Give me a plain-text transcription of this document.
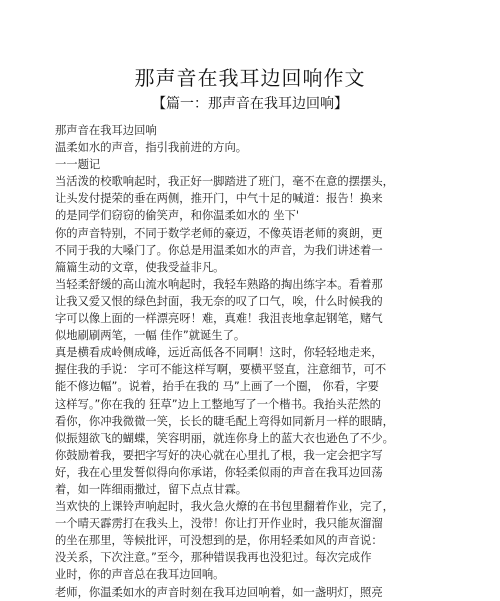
那声音在我耳边回响作文
【篇一：那声音在我耳边回响】
那声音在我耳边回响
温柔如水的声音，指引我前进的方向。
一一题记
当活泼的校歌响起时，我正好一脚踏进了班门，毫不在意的摆摆头，
让头发付提荣的垂在两侧，推开门，中气十足的喊道：报告！换来
的是同学们窃窃的偷笑声，和你温柔如水的 坐下'
你的声音特别，不同于数学老师的豪迈，不像英语老师的爽朗，更
不同于我的大嗓门了。你总是用温柔如水的声音，为我们讲述着一
篇篇生动的文章，使我受益非凡。
当轻柔舒缓的高山流水响起时，我轻车熟路的掏出练字本。看着那
让我又爱又恨的绿色封面，我无奈的叹了口气，唉，什么时候我的
字可以像上面的一样漂亮呀！难，真难！我沮丧地拿起钢笔，赌气
似地刷刷两笔，一幅 佳作”就诞生了。
真是横看成岭侧成峰，远近高低各不同啊！这时，你轻轻地走来，
握住我的手说： 字可不能这样写啊，要横平竖直，注意细节，可不
能不修边幅”。说着，抬手在我的 马”上画了一个圈， 你看，字要
这样写。”你在我的 狂草”边上工整地写了一个楷书。我抬头茫然的
看你，你冲我微微一笑，长长的睫毛配上弯得如同新月一样的眼睛，
似振翅欲飞的蝴蝶，笑容明丽，就连你身上的蓝大衣也逊色了不少。
你鼓励着我，要把字写好的决心就在心里扎了根，我一定会把字写
好，我在心里发誓似得向你承诺，你轻柔似雨的声音在我耳边回荡
着，如一阵细雨撒过，留下点点甘霖。
当欢快的上课铃声响起时，我火急火燎的在书包里翻着作业，完了，
一个晴天霹雳打在我头上，没带！你让打开作业时，我只能灰溜溜
的坐在那里，等候批评，可没想到的是，你用轻柔如风的声音说：
没关系，下次注意。”至今，那种错误我再也没犯过。每次完成作
业时，你的声音总在我耳边回响。
老师，你温柔如水的声音时刻在我耳边回响着，如一盏明灯，照亮
